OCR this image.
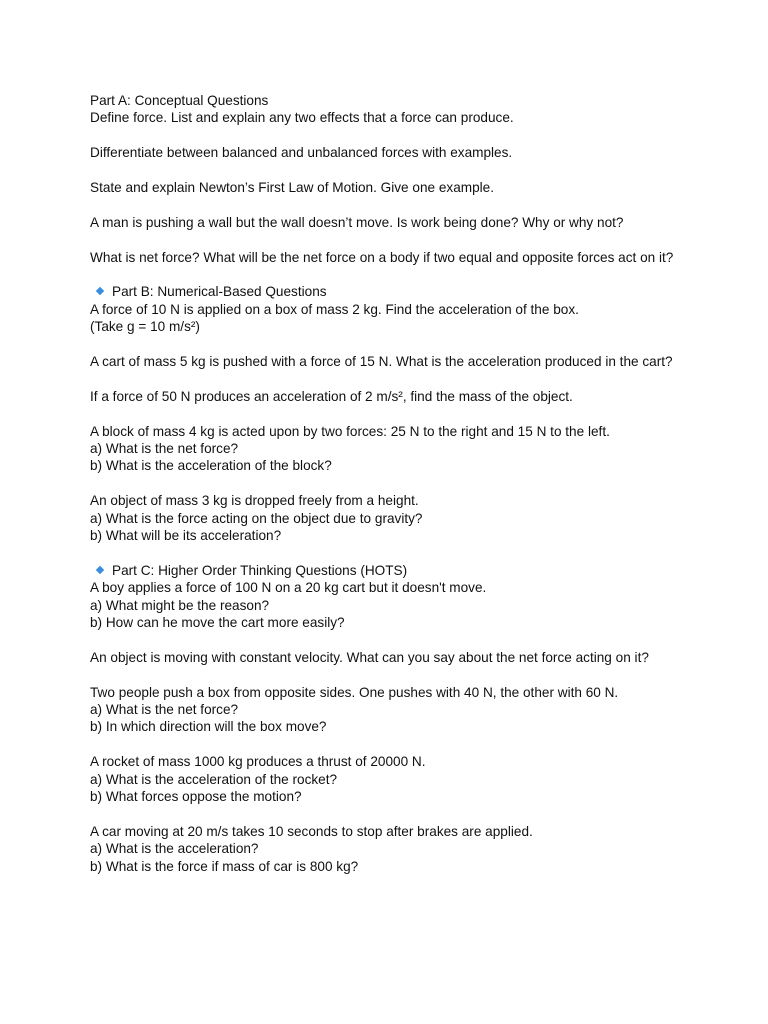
Part A: Conceptual Questions
Define force. List and explain any two effects that a force can produce.
Differentiate between balanced and unbalanced forces with examples.
State and explain Newton’s First Law of Motion. Give one example.
A man is pushing a wall but the wall doesn’t move. Is work being done? Why or why not?
What is net force? What will be the net force on a body if two equal and opposite forces act on it?
Part B: Numerical-Based Questions
A force of 10 N is applied on a box of mass 2 kg. Find the acceleration of the box.
(Take g = 10 m/s²)
A cart of mass 5 kg is pushed with a force of 15 N. What is the acceleration produced in the cart?
If a force of 50 N produces an acceleration of 2 m/s², find the mass of the object.
A block of mass 4 kg is acted upon by two forces: 25 N to the right and 15 N to the left.
a) What is the net force?
b) What is the acceleration of the block?
An object of mass 3 kg is dropped freely from a height.
a) What is the force acting on the object due to gravity?
b) What will be its acceleration?
Part C: Higher Order Thinking Questions (HOTS)
A boy applies a force of 100 N on a 20 kg cart but it doesn't move.
a) What might be the reason?
b) How can he move the cart more easily?
An object is moving with constant velocity. What can you say about the net force acting on it?
Two people push a box from opposite sides. One pushes with 40 N, the other with 60 N.
a) What is the net force?
b) In which direction will the box move?
A rocket of mass 1000 kg produces a thrust of 20000 N.
a) What is the acceleration of the rocket?
b) What forces oppose the motion?
A car moving at 20 m/s takes 10 seconds to stop after brakes are applied.
a) What is the acceleration?
b) What is the force if mass of car is 800 kg?
